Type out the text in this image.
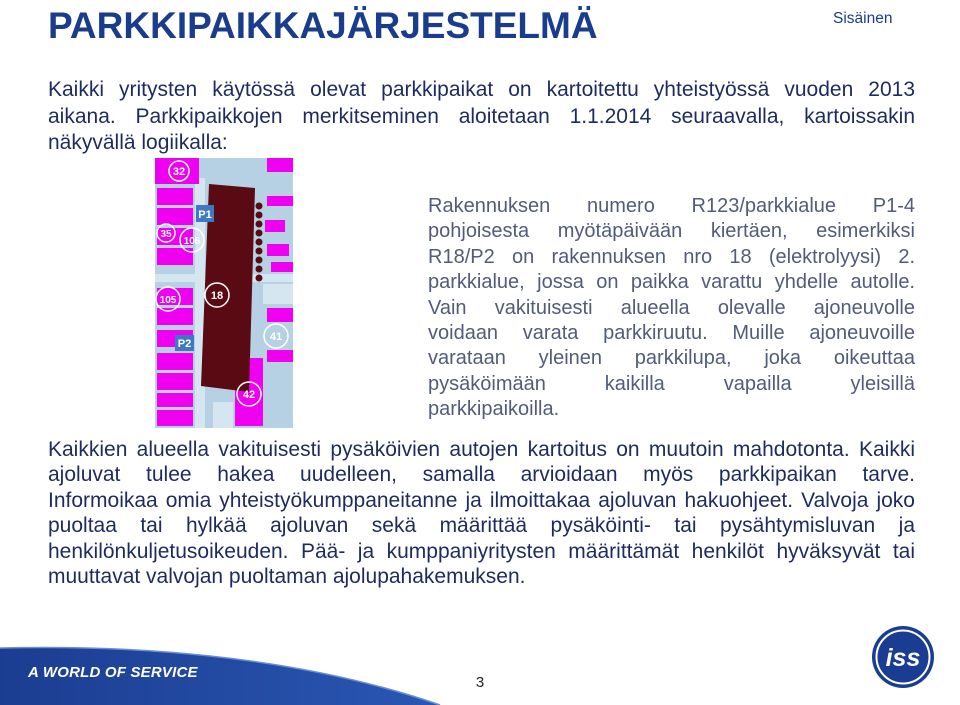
PARKKIPAIKKAJÄRJESTELMÄ	Sisäinen
Kaikki yritysten käytössä olevat parkkipaikat on kartoitettu yhteistyössä vuoden 2013
aikana. Parkkipaikkojen merkitseminen aloitetaan 1.1.2014 seuraavalla, kartoissakin
näkyvällä logiikalla:
32
P1
35
106
18
105
P2
41
42
Rakennuksen numero R123/parkkialue P1-4
pohjoisesta myötäpäivään kiertäen, esimerkiksi
R18/P2 on rakennuksen nro 18 (elektrolyysi) 2.
parkkialue, jossa on paikka varattu yhdelle autolle.
Vain vakituisesti alueella olevalle ajoneuvolle
voidaan varata parkkiruutu. Muille ajoneuvoille
varataan yleinen parkkilupa, joka oikeuttaa
pysäköimään kaikilla vapailla yleisillä
parkkipaikoilla.
Kaikkien alueella vakituisesti pysäköivien autojen kartoitus on muutoin mahdotonta. Kaikki
ajoluvat tulee hakea uudelleen, samalla arvioidaan myös parkkipaikan tarve.
Informoikaa omia yhteistyökumppaneitanne ja ilmoittakaa ajoluvan hakuohjeet. Valvoja joko
puoltaa tai hylkää ajoluvan sekä määrittää pysäköinti- tai pysähtymisluvan ja
henkilönkuljetusoikeuden. Pää- ja kumppaniyritysten määrittämät henkilöt hyväksyvät tai
muuttavat valvojan puoltaman ajolupahakemuksen.
A WORLD OF SERVICE
3
iss
